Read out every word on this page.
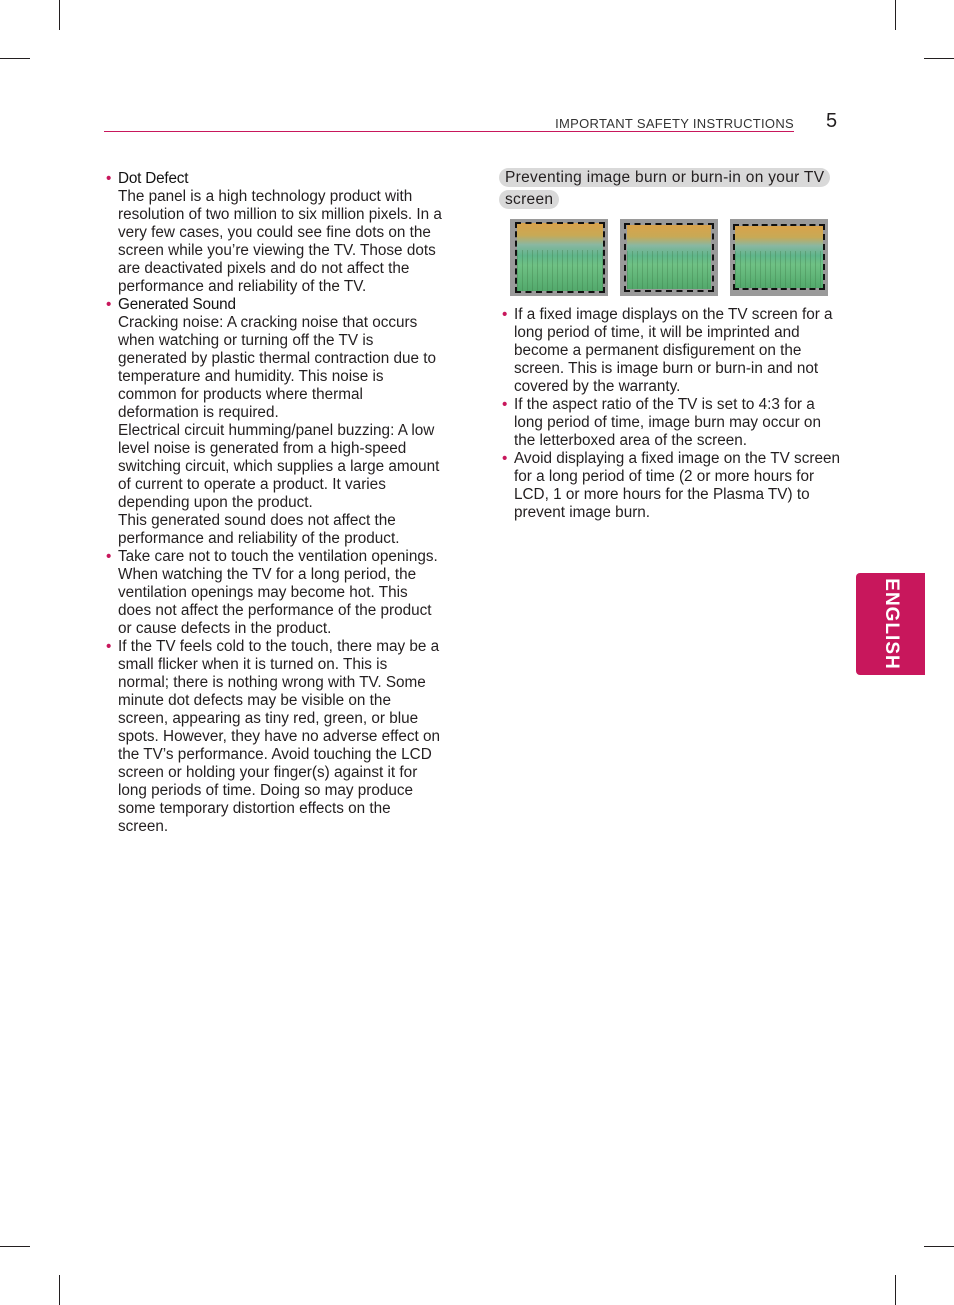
IMPORTANT SAFETY INSTRUCTIONS 5
• Dot Defect

The panel is a high technology product with resolution of two million to six million pixels. In a very few cases, you could see fine dots on the screen while you’re viewing the TV. Those dots are deactivated pixels and do not affect the performance and reliability of the TV.

• Generated Sound

Cracking noise: A cracking noise that occurs when watching or turning off the TV is generated by plastic thermal contraction due to temperature and humidity. This noise is common for products where thermal deformation is required.

Electrical circuit humming/panel buzzing: A low level noise is generated from a high-speed switching circuit, which supplies a large amount of current to operate a product. It varies depending upon the product.

This generated sound does not affect the performance and reliability of the product.

• Take care not to touch the ventilation openings. When watching the TV for a long period, the ventilation openings may become hot. This does not affect the performance of the product or cause defects in the product.

• If the TV feels cold to the touch, there may be a small flicker when it is turned on. This is normal; there is nothing wrong with TV. Some minute dot defects may be visible on the screen, appearing as tiny red, green, or blue spots. However, they have no adverse effect on the TV’s performance. Avoid touching the LCD screen or holding your finger(s) against it for long periods of time. Doing so may produce some temporary distortion effects on the screen.

Preventing image burn or burn-in on your TV screen
• If a fixed image displays on the TV screen for a long period of time, it will be imprinted and become a permanent disfigurement on the screen. This is image burn or burn-in and not covered by the warranty.

• If the aspect ratio of the TV is set to 4:3 for a long period of time, image burn may occur on the letterboxed area of the screen.

• Avoid displaying a fixed image on the TV screen for a long period of time (2 or more hours for LCD, 1 or more hours for the Plasma TV) to prevent image burn.

ENGLISH
